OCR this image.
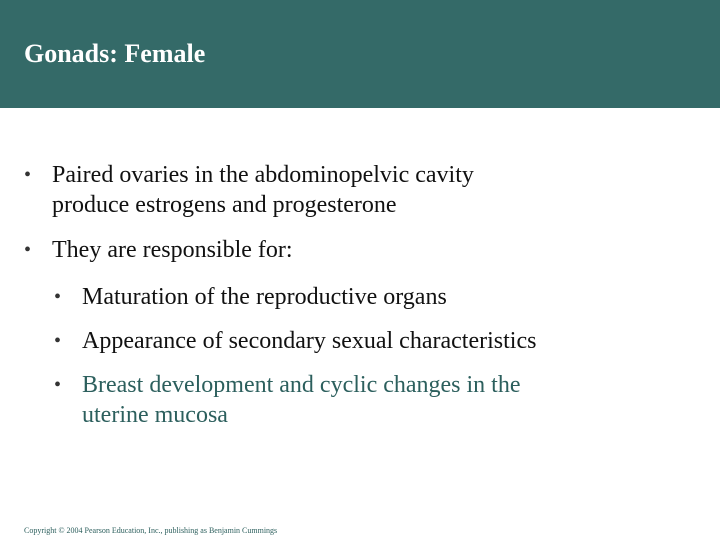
Gonads: Female
• Paired ovaries in the abdominopelvic cavity
produce estrogens and progesterone
• They are responsible for:
• Maturation of the reproductive organs
• Appearance of secondary sexual characteristics
• Breast development and cyclic changes in the
uterine mucosa
Copyright © 2004 Pearson Education, Inc., publishing as Benjamin Cummings
